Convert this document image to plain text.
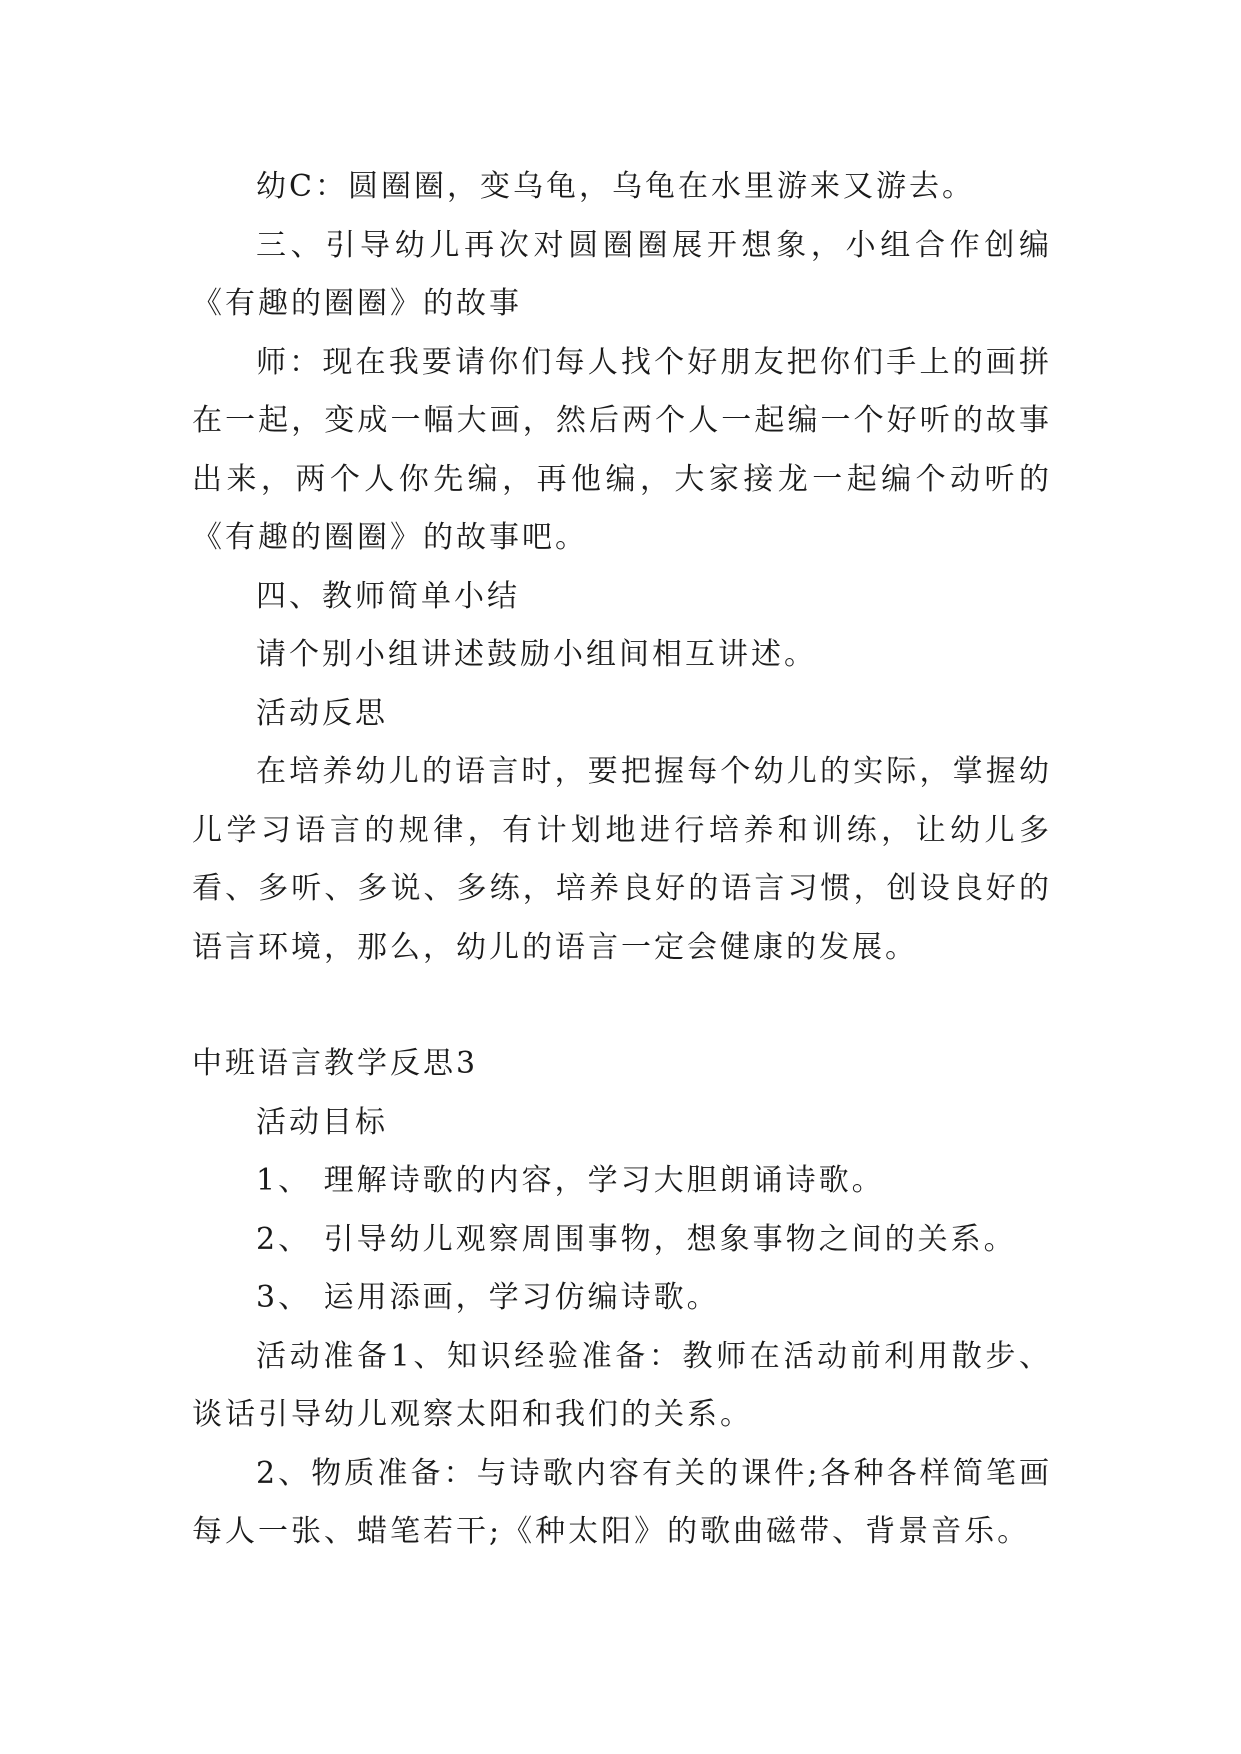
幼C：圆圈圈，变乌龟，乌龟在水里游来又游去。

三、引导幼儿再次对圆圈圈展开想象，小组合作创编《有趣的圈圈》的故事

师：现在我要请你们每人找个好朋友把你们手上的画拼在一起，变成一幅大画，然后两个人一起编一个好听的故事出来，两个人你先编，再他编，大家接龙一起编个动听的《有趣的圈圈》的故事吧。

四、教师简单小结

请个别小组讲述鼓励小组间相互讲述。

活动反思

在培养幼儿的语言时，要把握每个幼儿的实际，掌握幼儿学习语言的规律，有计划地进行培养和训练，让幼儿多看、多听、多说、多练，培养良好的语言习惯，创设良好的语言环境，那么，幼儿的语言一定会健康的发展。

中班语言教学反思3

活动目标

1、 理解诗歌的内容，学习大胆朗诵诗歌。

2、 引导幼儿观察周围事物，想象事物之间的关系。

3、 运用添画，学习仿编诗歌。

活动准备1、知识经验准备：教师在活动前利用散步、谈话引导幼儿观察太阳和我们的关系。

2、物质准备：与诗歌内容有关的课件;各种各样简笔画每人一张、蜡笔若干;《种太阳》的歌曲磁带、背景音乐。
